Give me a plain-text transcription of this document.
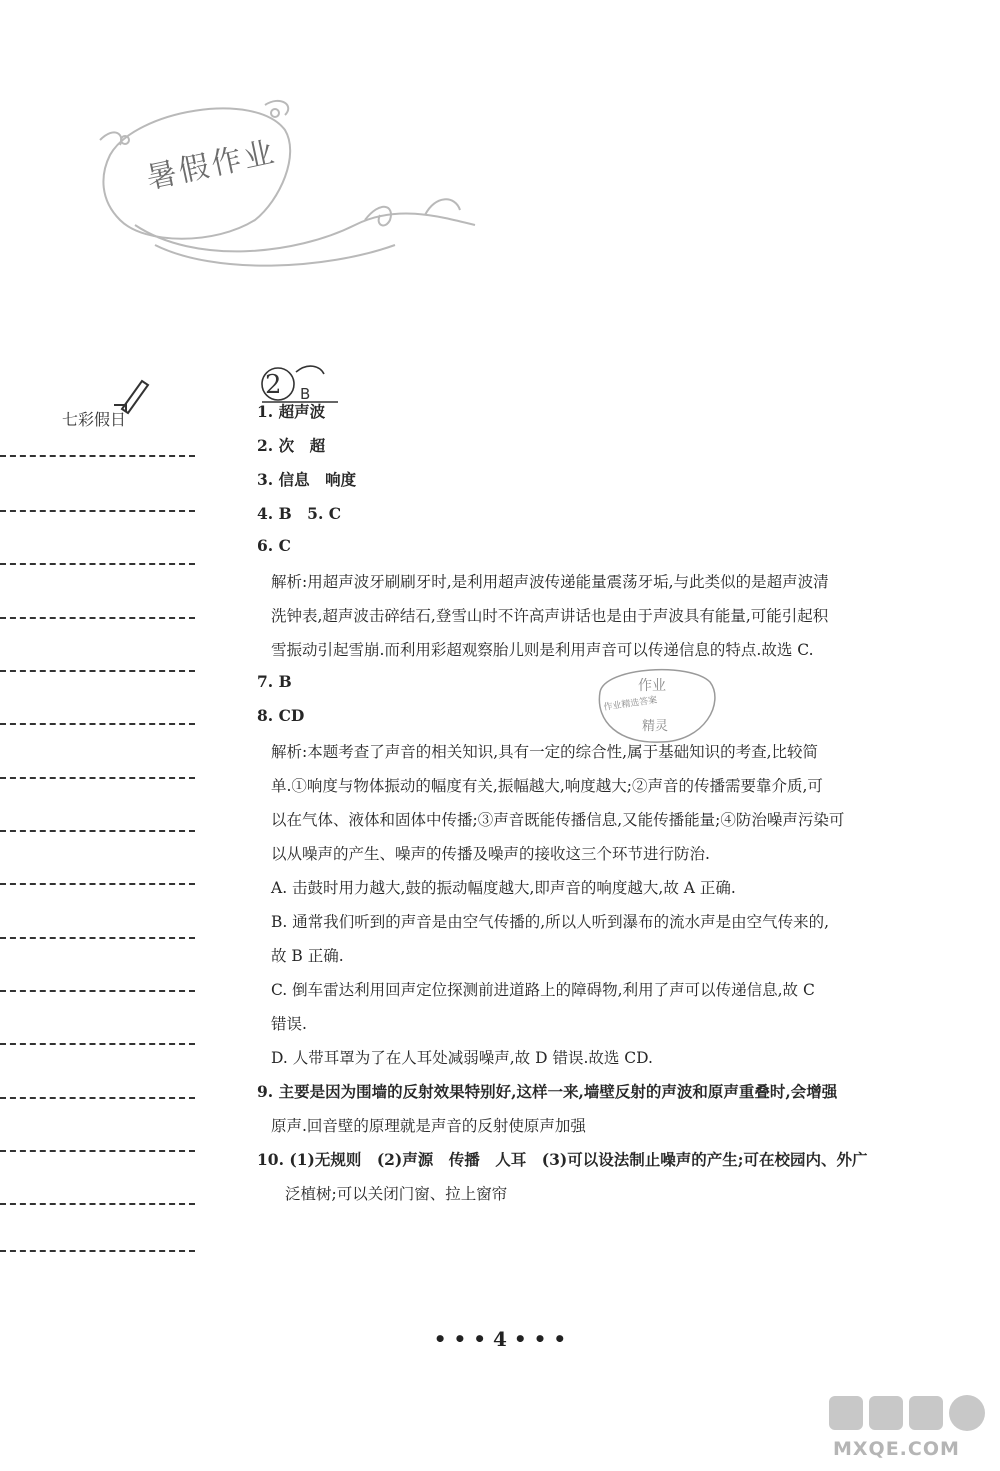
暑假作业
七彩假日
2 B
1. 超声波
2. 次　超
3. 信息　响度
4. B　5. C
6. C
解析:用超声波牙刷刷牙时,是利用超声波传递能量震荡牙垢,与此类似的是超声波清
洗钟表,超声波击碎结石,登雪山时不许高声讲话也是由于声波具有能量,可能引起积
雪振动引起雪崩.而利用彩超观察胎儿则是利用声音可以传递信息的特点.故选 C.
7. B
8. CD
解析:本题考查了声音的相关知识,具有一定的综合性,属于基础知识的考查,比较简
单.①响度与物体振动的幅度有关,振幅越大,响度越大;②声音的传播需要靠介质,可
以在气体、液体和固体中传播;③声音既能传播信息,又能传播能量;④防治噪声污染可
以从噪声的产生、噪声的传播及噪声的接收这三个环节进行防治.
A. 击鼓时用力越大,鼓的振动幅度越大,即声音的响度越大,故 A 正确.
B. 通常我们听到的声音是由空气传播的,所以人听到瀑布的流水声是由空气传来的,
故 B 正确.
C. 倒车雷达利用回声定位探测前进道路上的障碍物,利用了声可以传递信息,故 C
错误.
D. 人带耳罩为了在人耳处减弱噪声,故 D 错误.故选 CD.
9. 主要是因为围墙的反射效果特别好,这样一来,墙壁反射的声波和原声重叠时,会增强
原声.回音壁的原理就是声音的反射使原声加强
10. (1)无规则　(2)声源　传播　人耳　(3)可以设法制止噪声的产生;可在校园内、外广
泛植树;可以关闭门窗、拉上窗帘
作业
作业精选答案
精灵
• • • 4 • • •
MXQE.COM
